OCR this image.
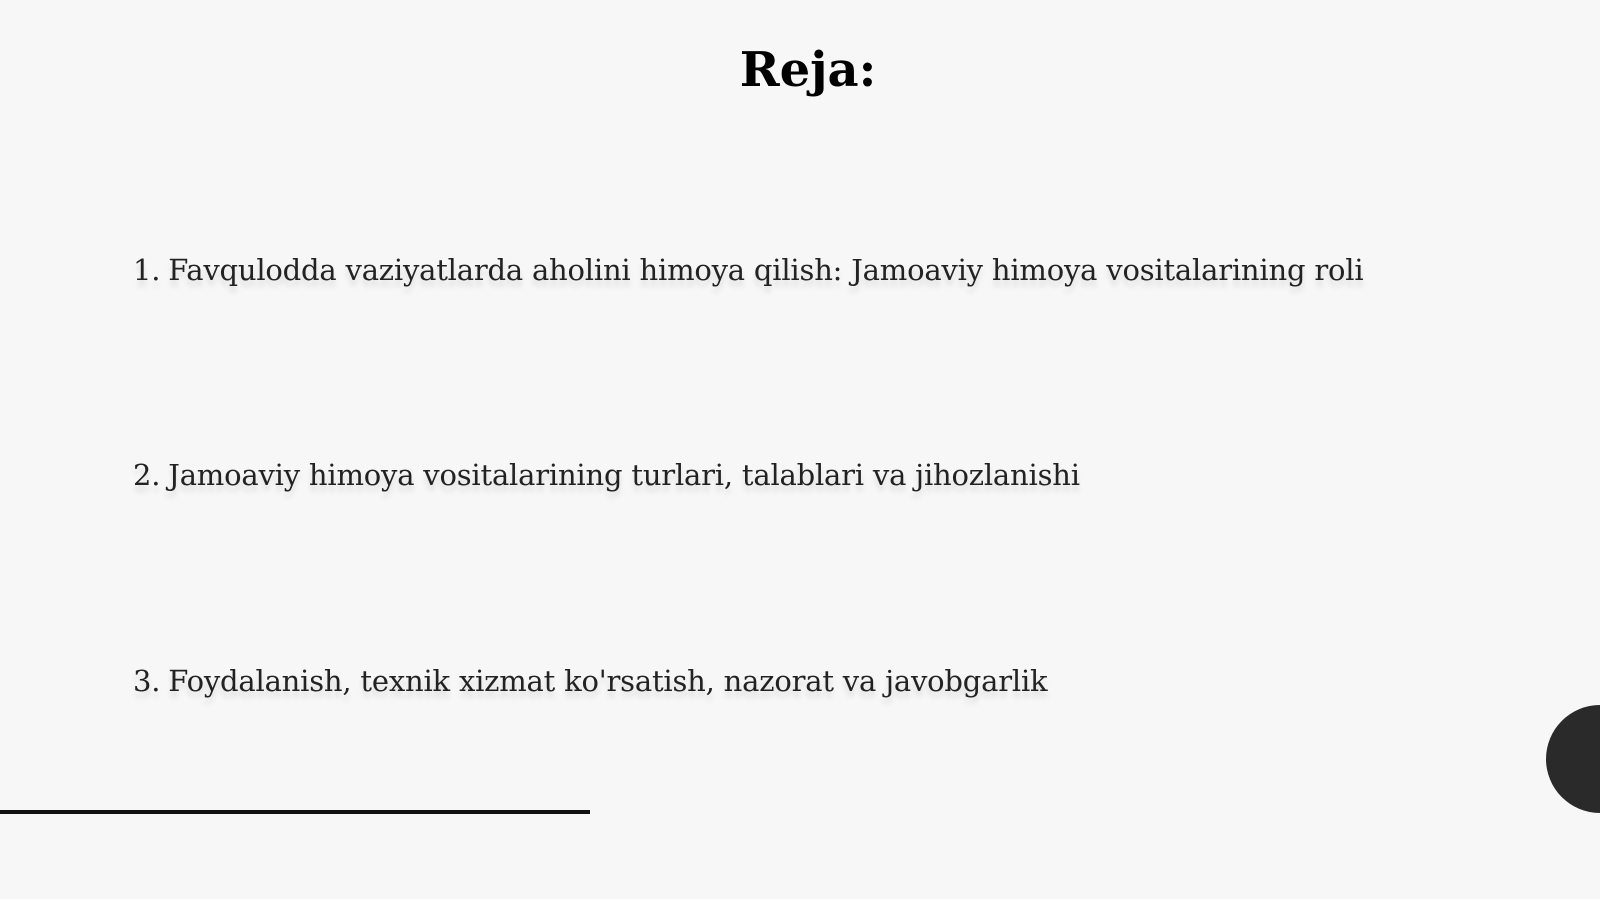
Reja:
1. Favqulodda vaziyatlarda aholini himoya qilish: Jamoaviy himoya vositalarining roli
2. Jamoaviy himoya vositalarining turlari, talablari va jihozlanishi
3. Foydalanish, texnik xizmat ko'rsatish, nazorat va javobgarlik
